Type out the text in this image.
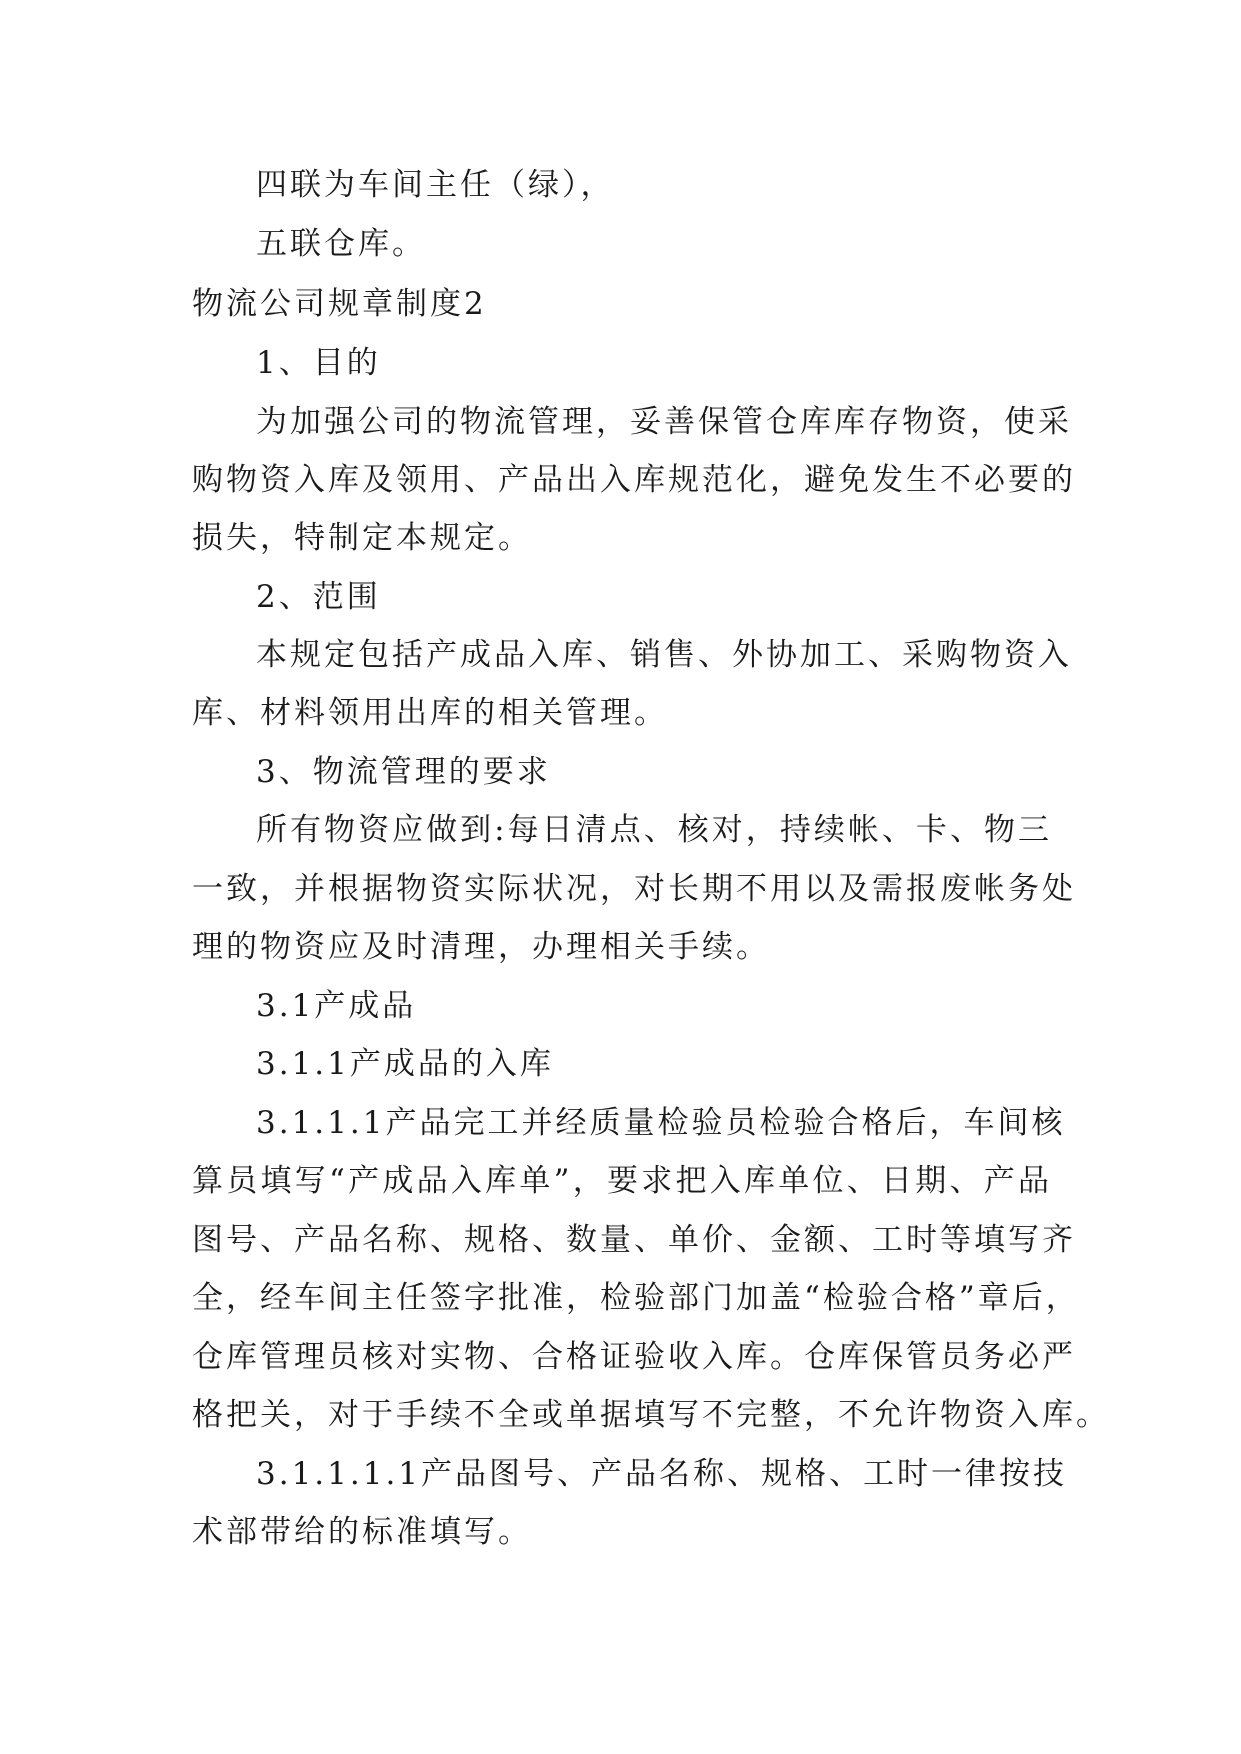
四联为车间主任（绿），
五联仓库。
物流公司规章制度2
1、目的
为加强公司的物流管理，妥善保管仓库库存物资，使采
购物资入库及领用、产品出入库规范化，避免发生不必要的
损失，特制定本规定。
2、范围
本规定包括产成品入库、销售、外协加工、采购物资入
库、材料领用出库的相关管理。
3、物流管理的要求
所有物资应做到:每日清点、核对，持续帐、卡、物三
一致，并根据物资实际状况，对长期不用以及需报废帐务处
理的物资应及时清理，办理相关手续。
3.1产成品
3.1.1产成品的入库
3.1.1.1产品完工并经质量检验员检验合格后，车间核
算员填写“产成品入库单”，要求把入库单位、日期、产品
图号、产品名称、规格、数量、单价、金额、工时等填写齐
全，经车间主任签字批准，检验部门加盖“检验合格”章后，
仓库管理员核对实物、合格证验收入库。仓库保管员务必严
格把关，对于手续不全或单据填写不完整，不允许物资入库。
3.1.1.1.1产品图号、产品名称、规格、工时一律按技
术部带给的标准填写。
